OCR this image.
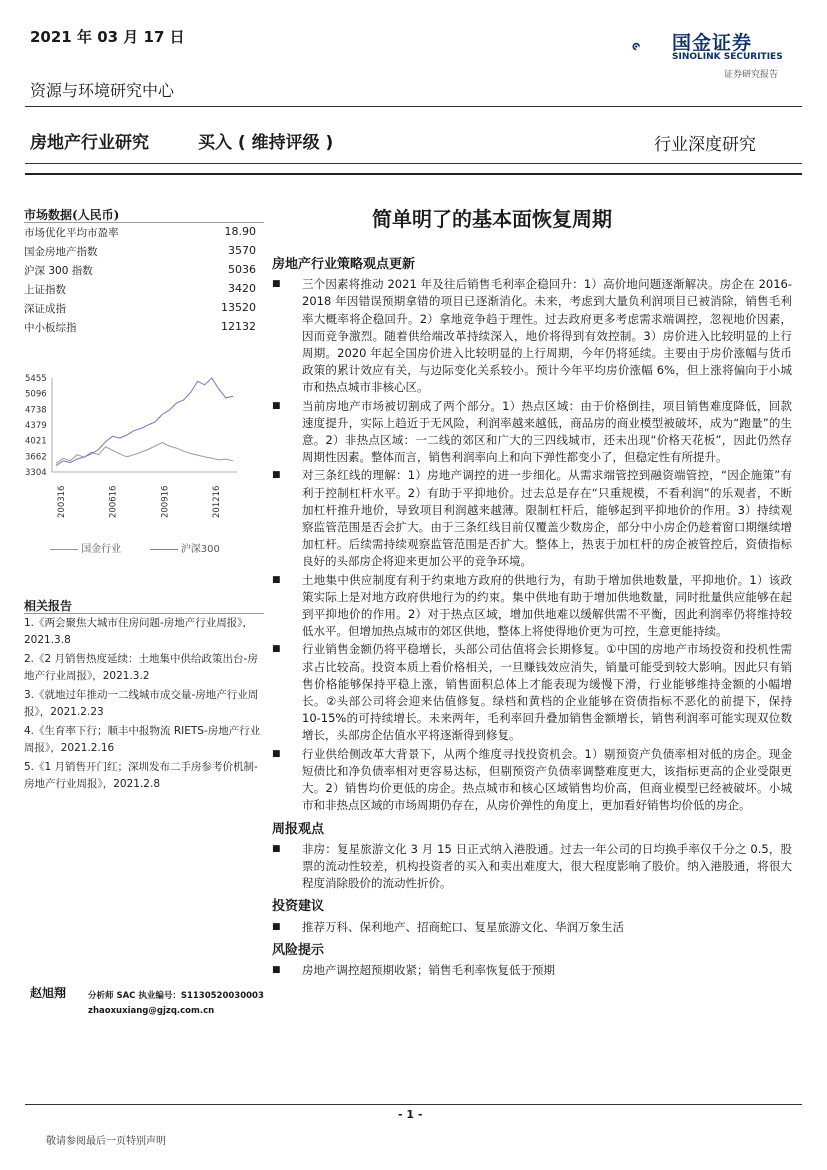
2021 年 03 月 17 日
资源与环境研究中心
国金证券
SINOLINK SECURITIES
证券研究报告
房地产行业研究	买入 ( 维持评级 )	行业深度研究
市场数据(人民币)
市场优化平均市盈率	18.90
国金房地产指数	3570
沪深 300 指数	5036
上证指数	3420
深证成指	13520
中小板综指	12132
5455
5096
4738
4379
4021
3662
3304
200316	200616	200916	201216
国金行业	沪深300
相关报告
1.《两会聚焦大城市住房问题-房地产行业周报》，2021.3.8
2.《2 月销售热度延续：土地集中供给政策出台-房地产行业周报》，2021.3.2
3.《就地过年推动一二线城市成交量-房地产行业周报》，2021.2.23
4.《生育率下行；顺丰中报物流 RIETS-房地产行业周报》，2021.2.16
5.《1 月销售开门红；深圳发布二手房参考价机制-房地产行业周报》，2021.2.8
赵旭翔	分析师 SAC 执业编号：S1130520030003
zhaoxuxiang@gjzq.com.cn
简单明了的基本面恢复周期
房地产行业策略观点更新
■ 三个因素将推动 2021 年及往后销售毛利率企稳回升：1）高价地问题逐渐解决。房企在 2016-2018 年因错误预期拿错的项目已逐渐消化。未来，考虑到大量负利润项目已被消除，销售毛利率大概率将企稳回升。2）拿地竞争趋于理性。过去政府更多考虑需求端调控，忽视地价因素，因而竞争激烈。随着供给端改革持续深入，地价将得到有效控制。3）房价进入比较明显的上行周期。2020 年起全国房价进入比较明显的上行周期，今年仍将延续。主要由于房价涨幅与货币政策的累计效应有关，与边际变化关系较小。预计今年平均房价涨幅 6%，但上涨将偏向于小城市和热点城市非核心区。
■ 当前房地产市场被切割成了两个部分。1）热点区域：由于价格倒挂，项目销售难度降低，回款速度提升，实际上趋近于无风险，利润率越来越低，商品房的商业模型被破坏，成为“跑量”的生意。2）非热点区域：一二线的郊区和广大的三四线城市，还未出现“价格天花板”，因此仍然存周期性因素。整体而言，销售利润率向上和向下弹性都变小了，但稳定性有所提升。
■ 对三条红线的理解：1）房地产调控的进一步细化。从需求端管控到融资端管控，“因企施策”有利于控制杠杆水平。2）有助于平抑地价。过去总是存在“只重规模，不看利润”的乐观者，不断加杠杆推升地价，导致项目利润越来越薄。限制杠杆后，能够起到平抑地价的作用。3）持续观察监管范围是否会扩大。由于三条红线目前仅覆盖少数房企，部分中小房企仍趁着窗口期继续增加杠杆。后续需持续观察监管范围是否扩大。整体上，热衷于加杠杆的房企被管控后，资债指标良好的头部房企将迎来更加公平的竞争环境。
■ 土地集中供应制度有利于约束地方政府的供地行为，有助于增加供地数量，平抑地价。1）该政策实际上是对地方政府供地行为的约束。集中供地有助于增加供地数量，同时批量供应能够在起到平抑地价的作用。2）对于热点区域，增加供地难以缓解供需不平衡，因此利润率仍将维持较低水平。但增加热点城市的郊区供地，整体上将使得地价更为可控，生意更能持续。
■ 行业销售金额仍将平稳增长，头部公司估值将会长期修复。①中国的房地产市场投资和投机性需求占比较高。投资本质上看价格相关，一旦赚钱效应消失，销量可能受到较大影响。因此只有销售价格能够保持平稳上涨，销售面积总体上才能表现为缓慢下滑，行业能够维持金额的小幅增长。②头部公司将会迎来估值修复。绿档和黄档的企业能够在资债指标不恶化的前提下，保持 10-15%的可持续增长。未来两年，毛利率回升叠加销售金额增长，销售利润率可能实现双位数增长，头部房企估值水平将逐渐得到修复。
■ 行业供给侧改革大背景下，从两个维度寻找投资机会。1）剔预资产负债率相对低的房企。现金短债比和净负债率相对更容易达标，但剔预资产负债率调整难度更大，该指标更高的企业受限更大。2）销售均价更低的房企。热点城市和核心区域销售均价高，但商业模型已经被破坏。小城市和非热点区域的市场周期仍存在，从房价弹性的角度上，更加看好销售均价低的房企。
周报观点
■ 非房：复星旅游文化 3 月 15 日正式纳入港股通。过去一年公司的日均换手率仅千分之 0.5，股票的流动性较差，机构投资者的买入和卖出难度大，很大程度影响了股价。纳入港股通，将很大程度消除股价的流动性折价。
投资建议
■ 推荐万科、保利地产、招商蛇口、复星旅游文化、华润万象生活
风险提示
■ 房地产调控超预期收紧；销售毛利率恢复低于预期
- 1 -
敬请参阅最后一页特别声明
